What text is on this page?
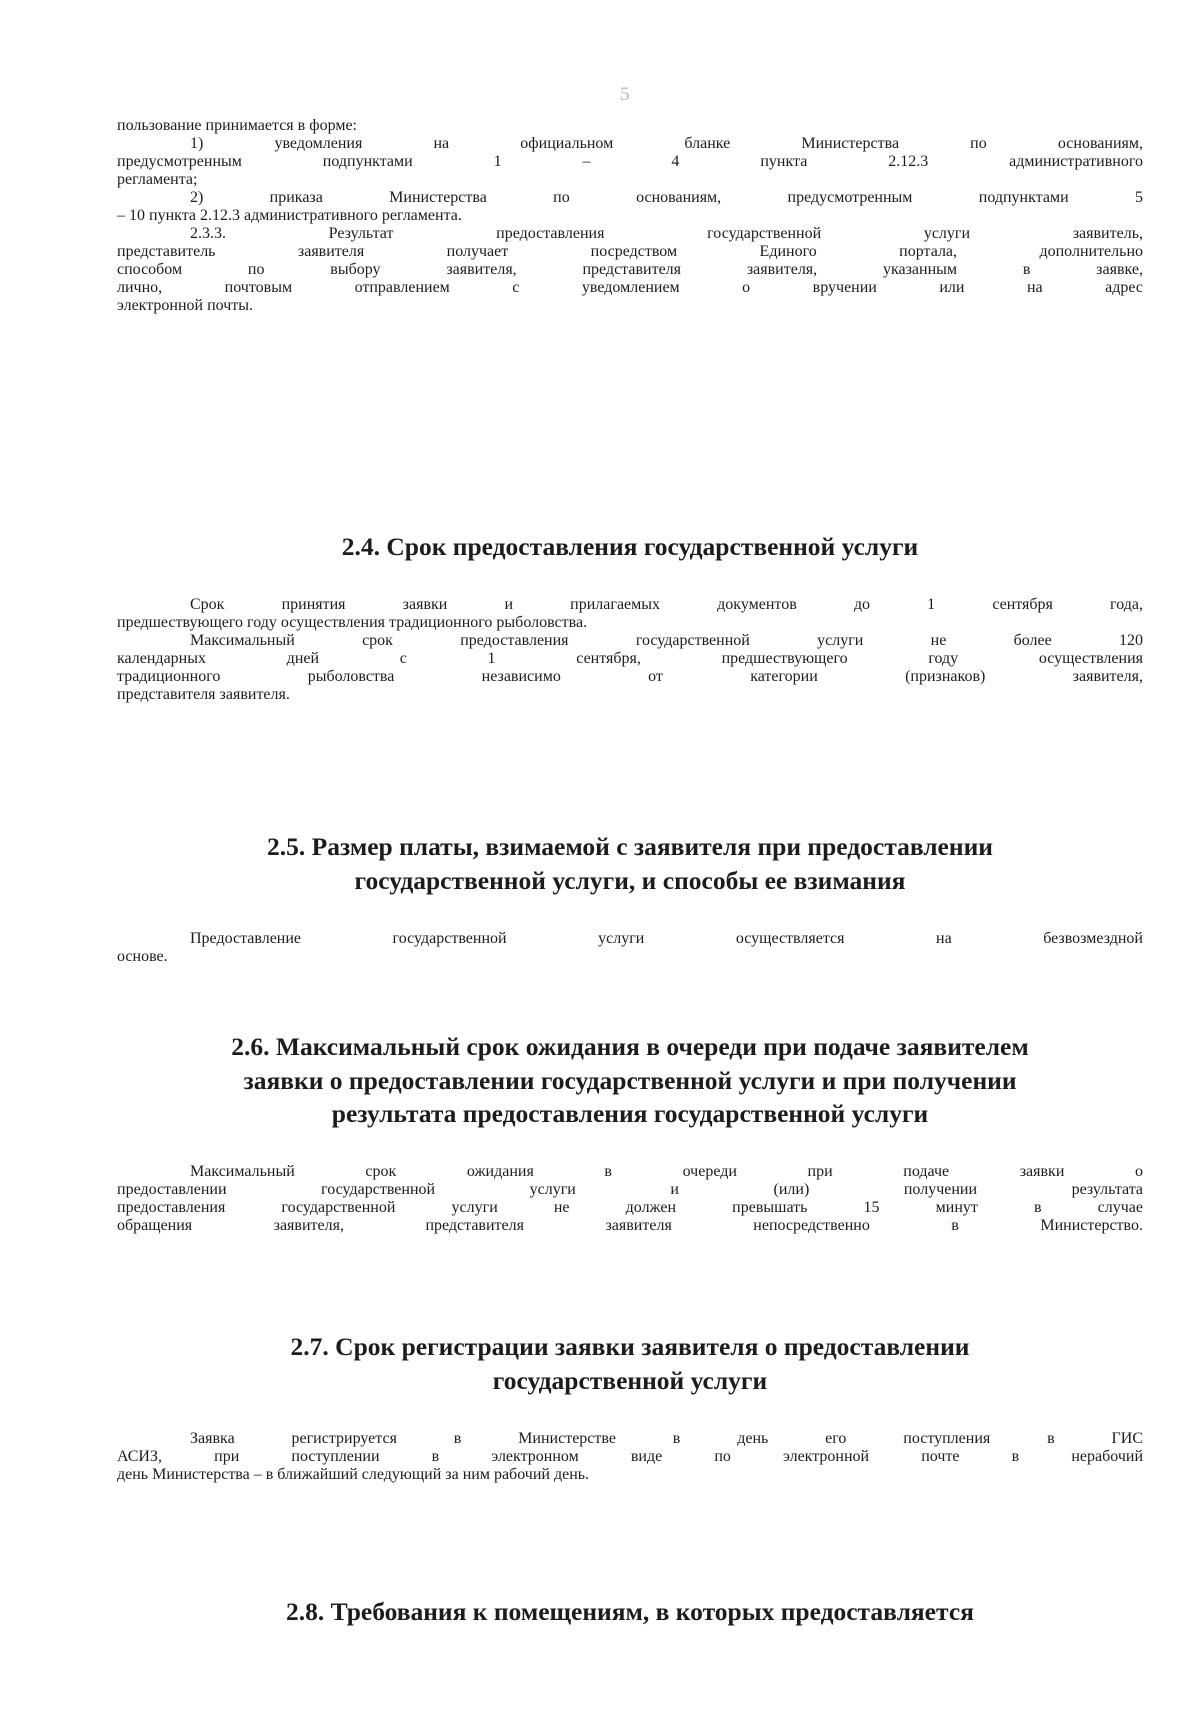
5
пользование принимается в форме:
1) уведомления на официальном бланке Министерства по основаниям,
предусмотренным подпунктами 1 – 4 пункта 2.12.3 административного
регламента;
2) приказа Министерства по основаниям, предусмотренным подпунктами 5
– 10 пункта 2.12.3 административного регламента.
2.3.3. Результат предоставления государственной услуги заявитель,
представитель заявителя получает посредством Единого портала, дополнительно
способом по выбору заявителя, представителя заявителя, указанным в заявке,
лично, почтовым отправлением с уведомлением о вручении или на адрес
электронной почты.
2.4. Срок предоставления государственной услуги
Срок принятия заявки и прилагаемых документов до 1 сентября года,
предшествующего году осуществления традиционного рыболовства.
Максимальный срок предоставления государственной услуги не более 120
календарных дней с 1 сентября, предшествующего году осуществления
традиционного рыболовства независимо от категории (признаков) заявителя,
представителя заявителя.
2.5. Размер платы, взимаемой с заявителя при предоставлении
государственной услуги, и способы ее взимания
Предоставление государственной услуги осуществляется на безвозмездной
основе.
2.6. Максимальный срок ожидания в очереди при подаче заявителем
заявки о предоставлении государственной услуги и при получении
результата предоставления государственной услуги
Максимальный срок ожидания в очереди при подаче заявки о
предоставлении государственной услуги и (или) получении результата
предоставления государственной услуги не должен превышать 15 минут в случае
обращения заявителя, представителя заявителя непосредственно в Министерство.
2.7. Срок регистрации заявки заявителя о предоставлении
государственной услуги
Заявка регистрируется в Министерстве в день его поступления в ГИС
АСИЗ, при поступлении в электронном виде по электронной почте в нерабочий
день Министерства – в ближайший следующий за ним рабочий день.
2.8. Требования к помещениям, в которых предоставляется
